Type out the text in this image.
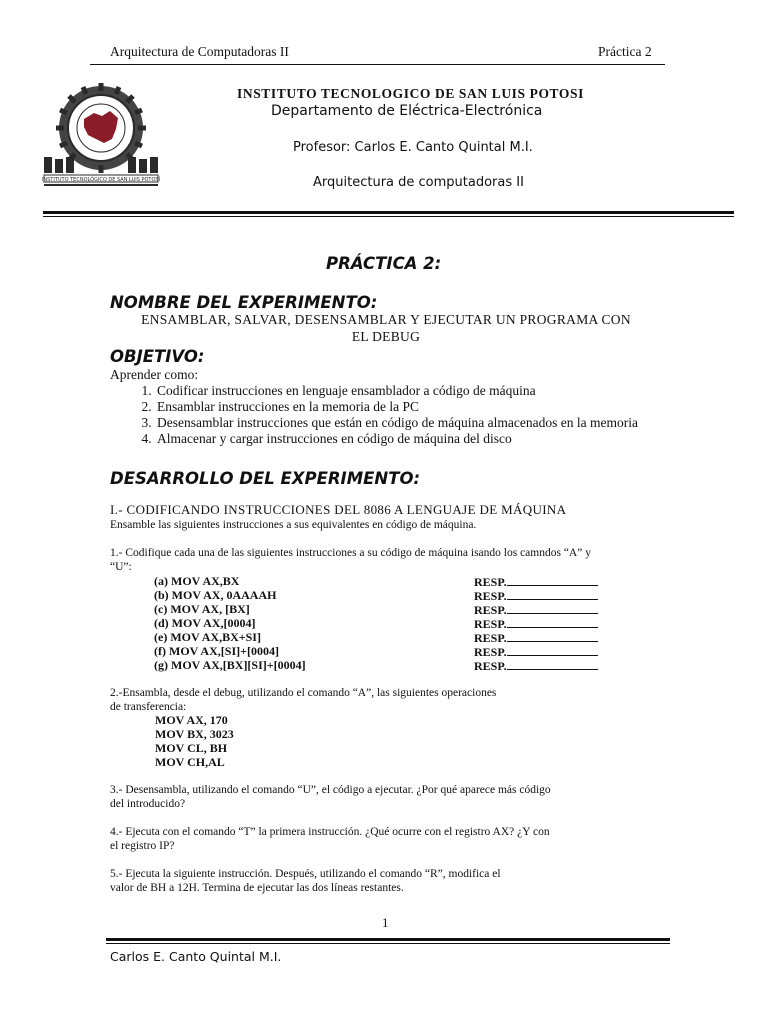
Arquitectura de Computadoras II	Práctica 2
INSTITUTO TECNOLÓGICO DE SAN LUIS POTOSÍ
INSTITUTO TECNOLOGICO DE SAN LUIS POTOSI
Departamento de Eléctrica-Electrónica
Profesor: Carlos E. Canto Quintal M.I.
Arquitectura de computadoras II
PRÁCTICA 2:
NOMBRE DEL EXPERIMENTO:
ENSAMBLAR, SALVAR, DESENSAMBLAR Y EJECUTAR UN PROGRAMA CON
EL DEBUG
OBJETIVO:
Aprender como:
1. Codificar instrucciones en lenguaje ensamblador a código de máquina
2. Ensamblar instrucciones en la memoria de la PC
3. Desensamblar instrucciones que están en código de máquina almacenados en la memoria
4. Almacenar y cargar instrucciones en código de máquina del disco
DESARROLLO DEL EXPERIMENTO:
I.- CODIFICANDO INSTRUCCIONES DEL 8086 A LENGUAJE DE MÁQUINA
Ensamble las siguientes instrucciones a sus equivalentes en código de máquina.
1.- Codifique cada una de las siguientes instrucciones a su código de máquina isando los camndos “A” y
“U”:
(a) MOV AX,BX	RESP.
(b) MOV AX, 0AAAAH	RESP.
(c) MOV AX, [BX]	RESP.
(d) MOV AX,[0004]	RESP.
(e) MOV AX,BX+SI]	RESP.
(f) MOV AX,[SI]+[0004]	RESP.
(g) MOV AX,[BX][SI]+[0004]	RESP.
2.-Ensambla, desde el debug, utilizando el comando “A”, las siguientes operaciones
de transferencia:
MOV AX, 170
MOV BX, 3023
MOV CL, BH
MOV CH,AL
3.- Desensambla, utilizando el comando “U”, el código a ejecutar. ¿Por qué aparece más código
del introducido?
4.- Ejecuta con el comando “T” la primera instrucción. ¿Qué ocurre con el registro AX? ¿Y con
el registro IP?
5.- Ejecuta la siguiente instrucción. Después, utilizando el comando “R”, modifica el
valor de BH a 12H. Termina de ejecutar las dos líneas restantes.
1
Carlos E. Canto Quintal M.I.
